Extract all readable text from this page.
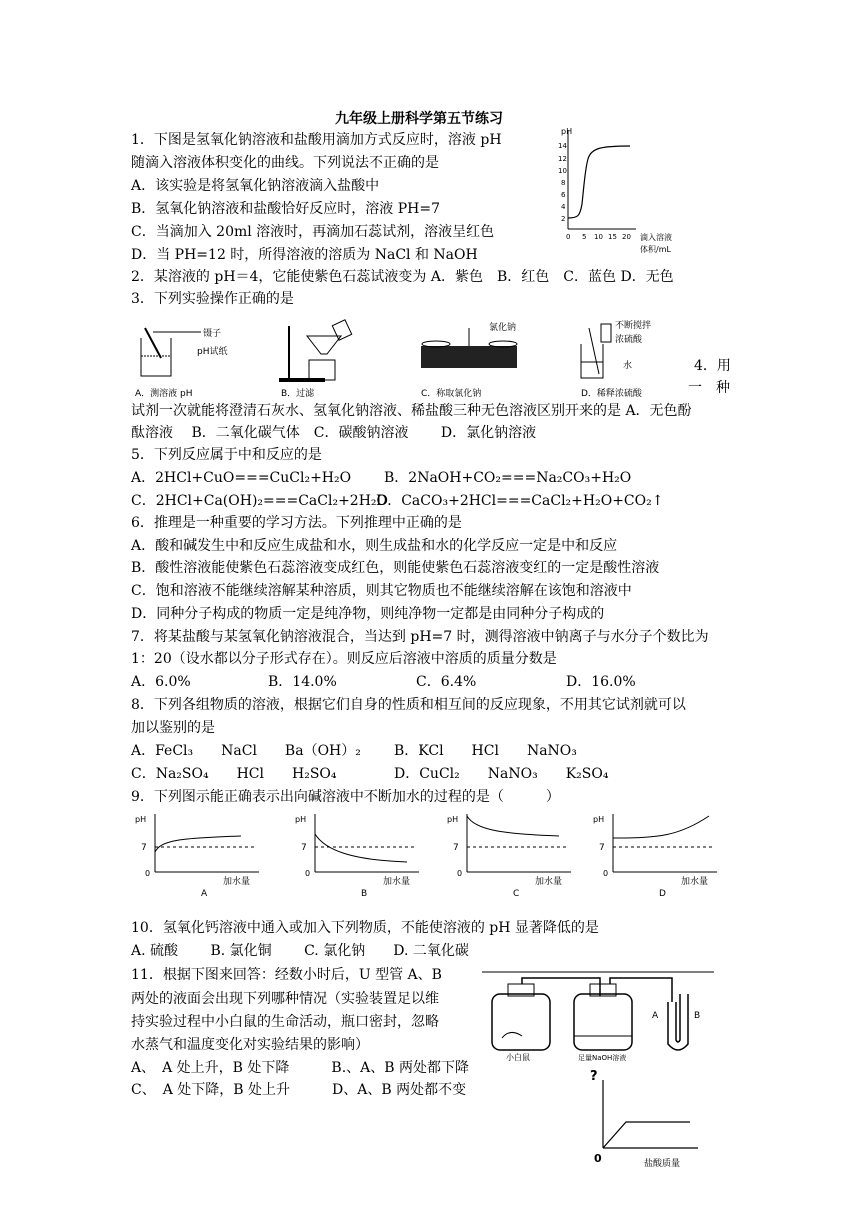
九年级上册科学第五节练习
1．下图是氢氧化钠溶液和盐酸用滴加方式反应时，溶液 pH
随滴入溶液体积变化的曲线。下列说法不正确的是
A．该实验是将氢氧化钠溶液滴入盐酸中
B．氢氧化钠溶液和盐酸恰好反应时，溶液 PH=7
C．当滴加入 20ml 溶液时，再滴加石蕊试剂，溶液呈红色
D．当 PH=12 时，所得溶液的溶质为 NaCl 和 NaOH
2．某溶液的 pH＝4，它能使紫色石蕊试液变为 A．紫色　B．红色　C．蓝色 D．无色
3．下列实验操作正确的是
pH
14
12
10
8
6
4
2
0 5 10 15 20 滴入溶液
体积/mL
镊子
pH试纸
氯化钠	不断搅拌
浓硫酸
水
A．测溶液 pH	B．过滤	C．称取氯化钠	D．稀释浓硫酸
4．用
一　种
试剂一次就能将澄清石灰水、氢氧化钠溶液、稀盐酸三种无色溶液区别开来的是 A．无色酚
酞溶液　 B．二氧化碳气体　C．碳酸钠溶液　　 D．氯化钠溶液
5．下列反应属于中和反应的是
A．2HCl+CuO===CuCl₂+H₂O B．2NaOH+CO₂===Na₂CO₃+H₂O
C．2HCl+Ca(OH)₂===CaCl₂+2H₂O
D．CaCO₃+2HCl===CaCl₂+H₂O+CO₂↑
6．推理是一种重要的学习方法。下列推理中正确的是
A．酸和碱发生中和反应生成盐和水，则生成盐和水的化学反应一定是中和反应
B．酸性溶液能使紫色石蕊溶液变成红色，则能使紫色石蕊溶液变红的一定是酸性溶液
C．饱和溶液不能继续溶解某种溶质，则其它物质也不能继续溶解在该饱和溶液中
D．同种分子构成的物质一定是纯净物，则纯净物一定都是由同种分子构成的
7．将某盐酸与某氢氧化钠溶液混合，当达到 pH=7 时，测得溶液中钠离子与水分子个数比为
1：20（设水都以分子形式存在）。则反应后溶液中溶质的质量分数是
A．6.0%	B．14.0%	C．6.4%	D．16.0%
8．下列各组物质的溶液，根据它们自身的性质和相互间的反应现象，不用其它试剂就可以
加以鉴别的是
A．FeCl₃　　NaCl　　Ba（OH）₂ B．KCl　　HCl　　NaNO₃
C．Na₂SO₄　　HCl　　H₂SO₄	D．CuCl₂　　NaNO₃　　K₂SO₄
9．下列图示能正确表示出向碱溶液中不断加水的过程的是（　　　）
pH
7
0
加水量
A
pH
7
0
加水量
B
pH
7
0
加水量
C
pH
7
0
加水量
D
10．氢氧化钙溶液中通入或加入下列物质，不能使溶液的 pH 显著降低的是
A. 硫酸　　 B. 氯化铜　　 C. 氯化钠　　D. 二氧化碳
11．根据下图来回答：经数小时后，U 型管 A、B
两处的液面会出现下列哪种情况（实验装置足以维
持实验过程中小白鼠的生命活动，瓶口密封，忽略
水蒸气和温度变化对实验结果的影响）
A、　A 处上升，B 处下降　　　B.、A、B 两处都下降
C、　A 处下降，B 处上升　　　D、A、B 两处都不变
小白鼠	足量NaOH溶液
A	B
?
0	盐酸质量
